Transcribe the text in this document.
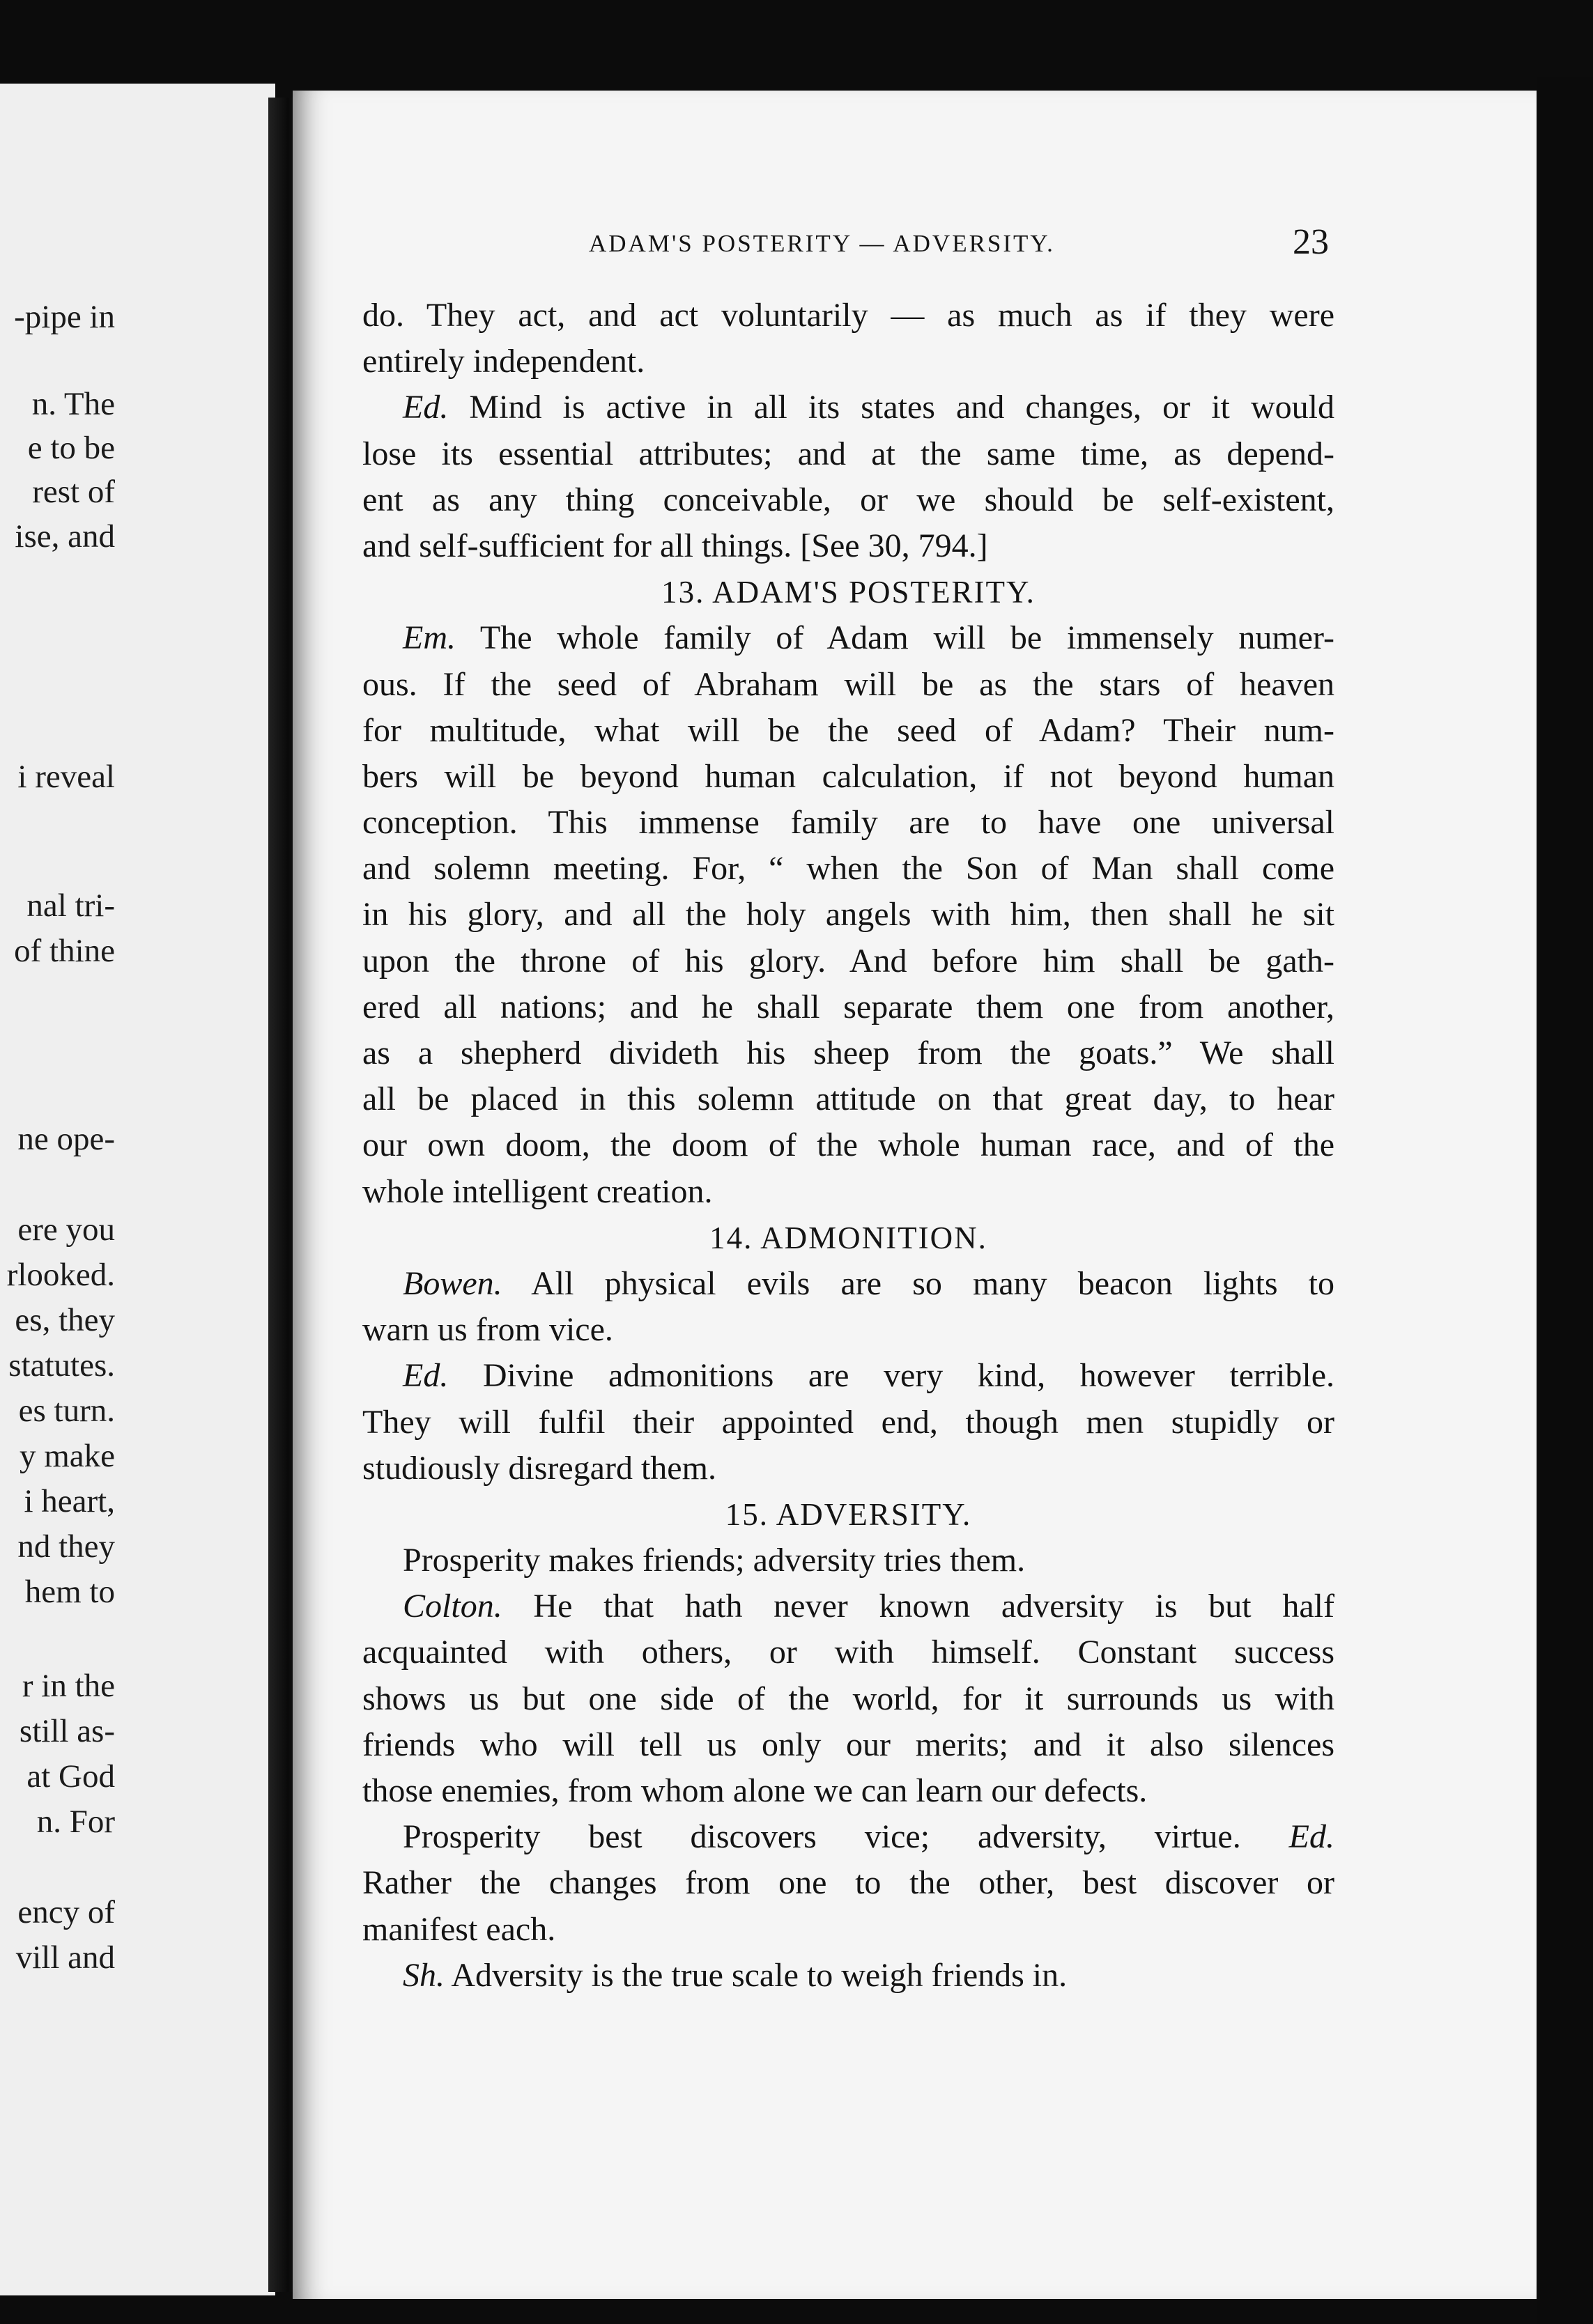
-pipe in
n. The
e to be
rest of
ise, and
i reveal
nal tri-
of thine
ne ope-
ere you
rlooked.
es, they
statutes.
es turn.
y make
i heart,
nd they
hem to
r in the
still as-
at God
n. For
ency of
vill and
ADAM'S POSTERITY — ADVERSITY.	23
do. They act, and act voluntarily — as much as if they were
entirely independent.
Ed. Mind is active in all its states and changes, or it would
lose its essential attributes; and at the same time, as depend-
ent as any thing conceivable, or we should be self-existent,
and self-sufficient for all things. [See 30, 794.]
13. ADAM'S POSTERITY.
Em. The whole family of Adam will be immensely numer-
ous. If the seed of Abraham will be as the stars of heaven
for multitude, what will be the seed of Adam? Their num-
bers will be beyond human calculation, if not beyond human
conception. This immense family are to have one universal
and solemn meeting. For, “ when the Son of Man shall come
in his glory, and all the holy angels with him, then shall he sit
upon the throne of his glory. And before him shall be gath-
ered all nations; and he shall separate them one from another,
as a shepherd divideth his sheep from the goats.” We shall
all be placed in this solemn attitude on that great day, to hear
our own doom, the doom of the whole human race, and of the
whole intelligent creation.
14. ADMONITION.
Bowen. All physical evils are so many beacon lights to
warn us from vice.
Ed. Divine admonitions are very kind, however terrible.
They will fulfil their appointed end, though men stupidly or
studiously disregard them.
15. ADVERSITY.
Prosperity makes friends; adversity tries them.
Colton. He that hath never known adversity is but half
acquainted with others, or with himself. Constant success
shows us but one side of the world, for it surrounds us with
friends who will tell us only our merits; and it also silences
those enemies, from whom alone we can learn our defects.
Prosperity best discovers vice; adversity, virtue. Ed.
Rather the changes from one to the other, best discover or
manifest each.
Sh. Adversity is the true scale to weigh friends in.
